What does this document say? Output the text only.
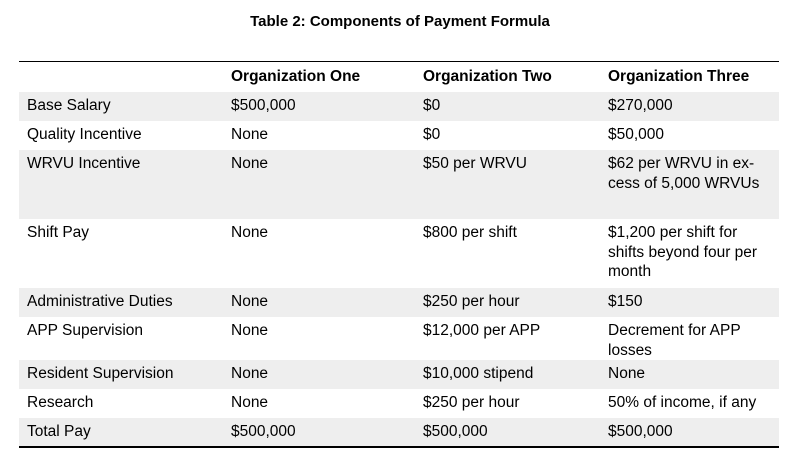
Table 2: Components of Payment Formula
	Organization One	Organization Two	Organization Three
Base Salary	$500,000	$0	$270,000
Quality Incentive	None	$0	$50,000
WRVU Incentive	None	$50 per WRVU	$62 per WRVU in ex-cess of 5,000 WRVUs
Shift Pay	None	$800 per shift	$1,200 per shift for shifts beyond four per month
Administrative Duties	None	$250 per hour	$150
APP Supervision	None	$12,000 per APP	Decrement for APP losses
Resident Supervision	None	$10,000 stipend	None
Research	None	$250 per hour	50% of income, if any
Total Pay	$500,000	$500,000	$500,000
